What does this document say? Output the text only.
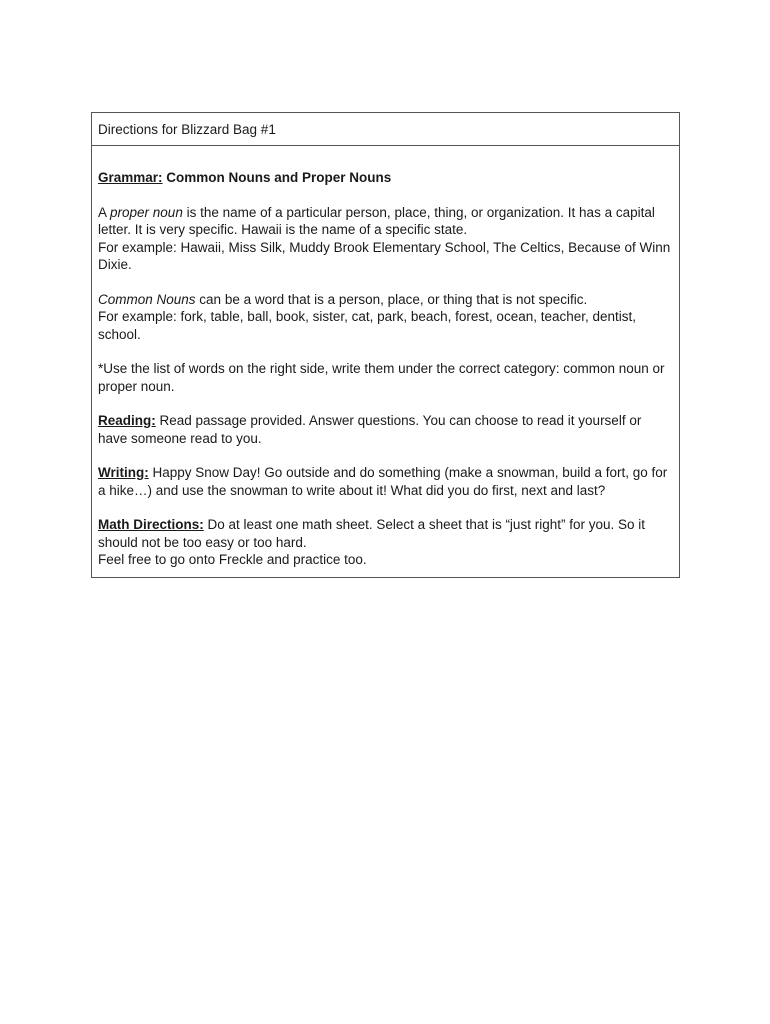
Directions for Blizzard Bag #1

Grammar: Common Nouns and Proper Nouns

A proper noun is the name of a particular person, place, thing, or organization. It has a capital letter. It is very specific. Hawaii is the name of a specific state.
For example: Hawaii, Miss Silk, Muddy Brook Elementary School, The Celtics, Because of Winn Dixie.

Common Nouns can be a word that is a person, place, or thing that is not specific.
For example: fork, table, ball, book, sister, cat, park, beach, forest, ocean, teacher, dentist, school.

*Use the list of words on the right side, write them under the correct category: common noun or proper noun.

Reading: Read passage provided. Answer questions. You can choose to read it yourself or have someone read to you.

Writing: Happy Snow Day! Go outside and do something (make a snowman, build a fort, go for a hike…) and use the snowman to write about it! What did you do first, next and last?

Math Directions: Do at least one math sheet. Select a sheet that is “just right” for you. So it should not be too easy or too hard.
Feel free to go onto Freckle and practice too.
